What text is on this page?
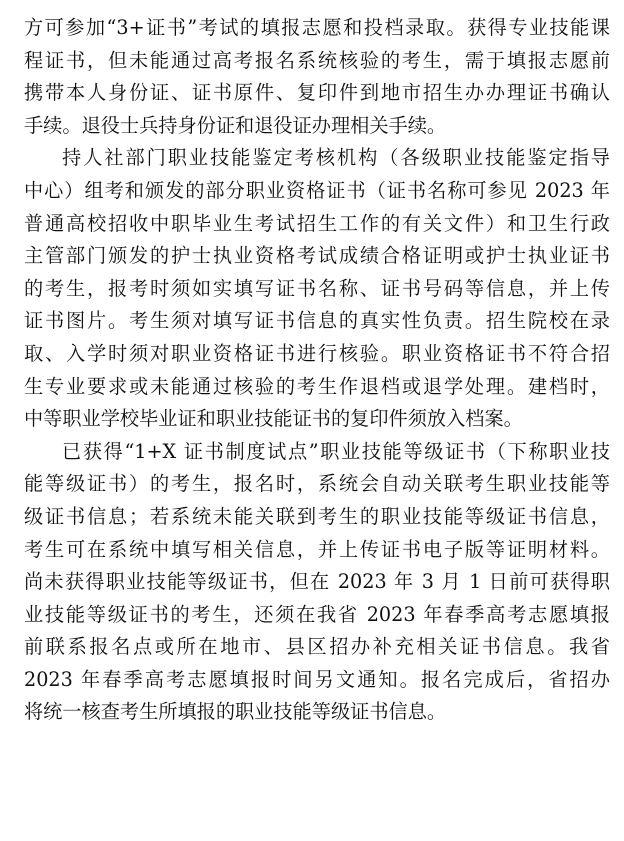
方可参加“3+证书”考试的填报志愿和投档录取。获得专业技能课
程证书，但未能通过高考报名系统核验的考生，需于填报志愿前
携带本人身份证、证书原件、复印件到地市招生办办理证书确认
手续。退役士兵持身份证和退役证办理相关手续。
持人社部门职业技能鉴定考核机构（各级职业技能鉴定指导
中心）组考和颁发的部分职业资格证书（证书名称可参见 2023 年
普通高校招收中职毕业生考试招生工作的有关文件）和卫生行政
主管部门颁发的护士执业资格考试成绩合格证明或护士执业证书
的考生，报考时须如实填写证书名称、证书号码等信息，并上传
证书图片。考生须对填写证书信息的真实性负责。招生院校在录
取、入学时须对职业资格证书进行核验。职业资格证书不符合招
生专业要求或未能通过核验的考生作退档或退学处理。建档时，
中等职业学校毕业证和职业技能证书的复印件须放入档案。
已获得“1+X 证书制度试点”职业技能等级证书（下称职业技
能等级证书）的考生，报名时，系统会自动关联考生职业技能等
级证书信息；若系统未能关联到考生的职业技能等级证书信息，
考生可在系统中填写相关信息，并上传证书电子版等证明材料。
尚未获得职业技能等级证书，但在 2023 年 3 月 1 日前可获得职
业技能等级证书的考生，还须在我省 2023 年春季高考志愿填报
前联系报名点或所在地市、县区招办补充相关证书信息。我省
2023 年春季高考志愿填报时间另文通知。报名完成后，省招办
将统一核查考生所填报的职业技能等级证书信息。
